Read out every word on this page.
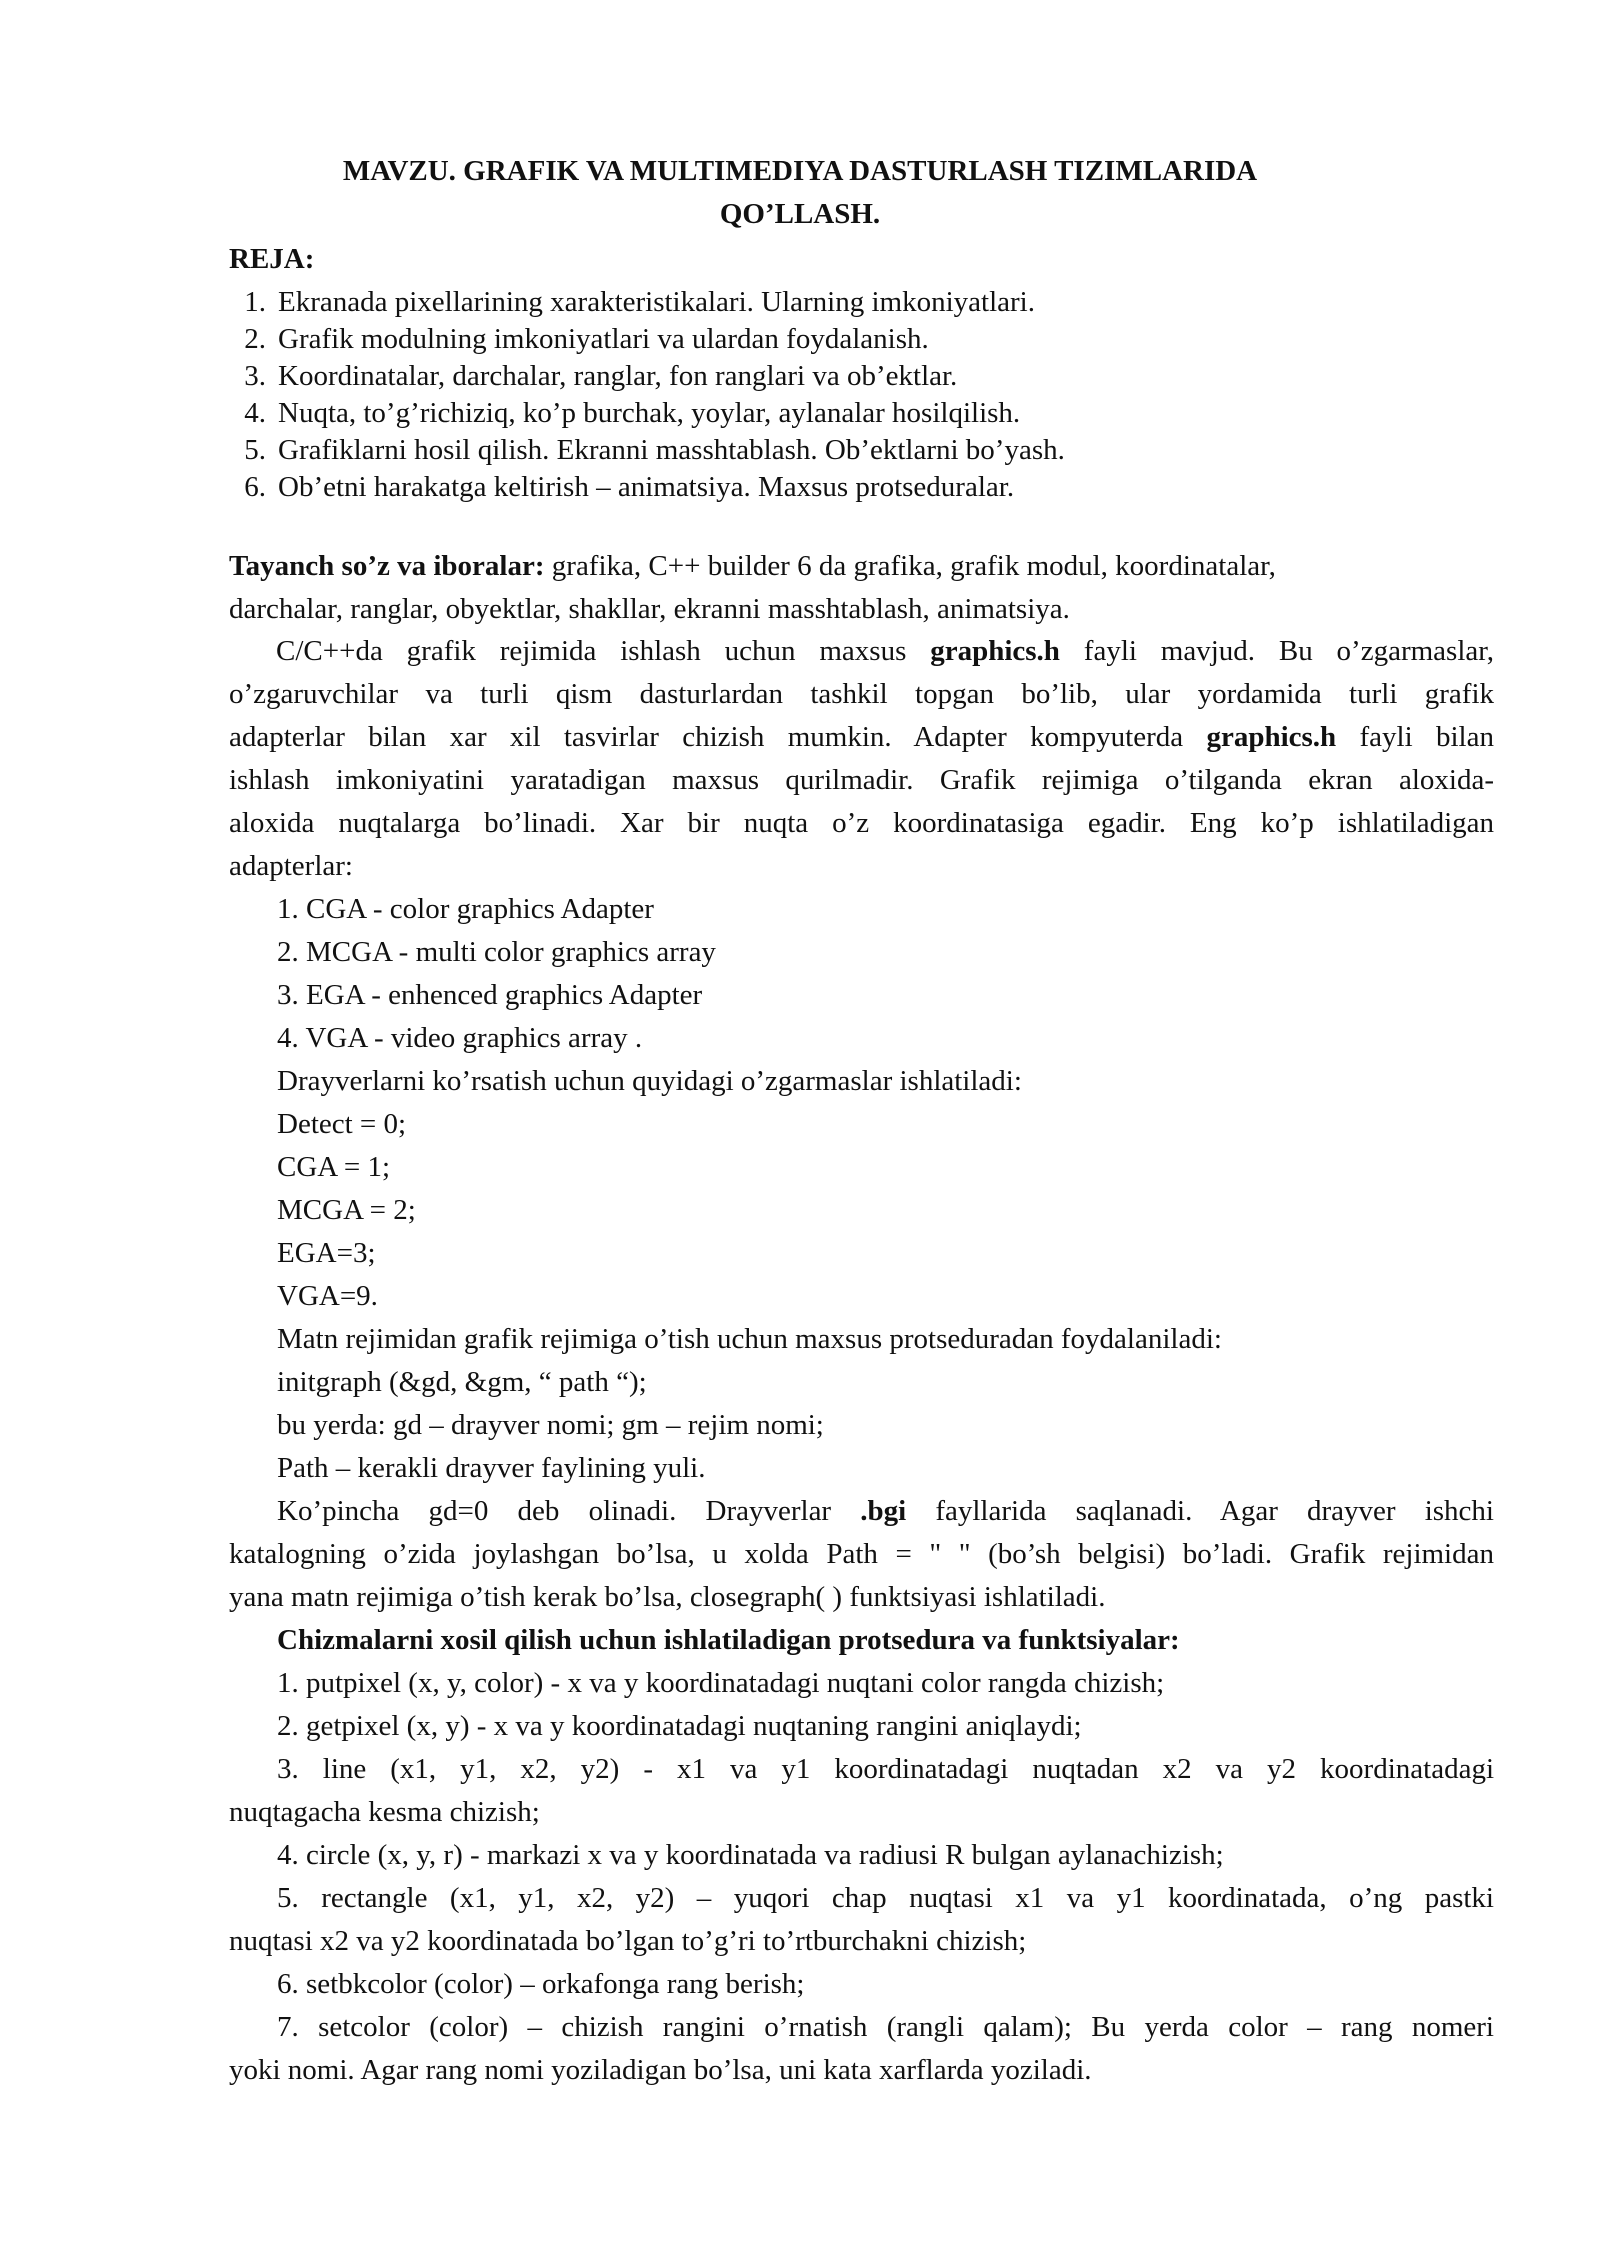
MAVZU. GRAFIK VA MULTIMEDIYA DASTURLASH TIZIMLARIDA
QO’LLASH.
REJA:
1. Ekranada pixellarining xarakteristikalari. Ularning imkoniyatlari.
2. Grafik modulning imkoniyatlari va ulardan foydalanish.
3. Koordinatalar, darchalar, ranglar, fon ranglari va ob’ektlar.
4. Nuqta, to’g’richiziq, ko’p burchak, yoylar, aylanalar hosilqilish.
5. Grafiklarni hosil qilish. Ekranni masshtablash. Ob’ektlarni bo’yash.
6. Ob’etni harakatga keltirish – animatsiya. Maxsus protseduralar.
Tayanch so’z va iboralar: grafika, C++ builder 6 da grafika, grafik modul, koordinatalar,
darchalar, ranglar, obyektlar, shakllar, ekranni masshtablash, animatsiya.
C/C++da grafik rejimida ishlash uchun maxsus graphics.h fayli mavjud. Bu o’zgarmaslar,
o’zgaruvchilar va turli qism dasturlardan tashkil topgan bo’lib, ular yordamida turli grafik
adapterlar bilan xar xil tasvirlar chizish mumkin. Adapter kompyuterda graphics.h fayli bilan
ishlash imkoniyatini yaratadigan maxsus qurilmadir. Grafik rejimiga o’tilganda ekran aloxida-
aloxida nuqtalarga bo’linadi. Xar bir nuqta o’z koordinatasiga egadir. Eng ko’p ishlatiladigan
adapterlar:
1. CGA - color graphics Adapter
2. MCGA - multi color graphics array
3. EGA - enhenced graphics Adapter
4. VGA - video graphics array .
Drayverlarni ko’rsatish uchun quyidagi o’zgarmaslar ishlatiladi:
Detect = 0;
CGA = 1;
MCGA = 2;
EGA=3;
VGA=9.
Matn rejimidan grafik rejimiga o’tish uchun maxsus protseduradan foydalaniladi:
initgraph (&gd, &gm, “ path “);
bu yerda: gd – drayver nomi; gm – rejim nomi;
Path – kerakli drayver faylining yuli.
Ko’pincha gd=0 deb olinadi. Drayverlar .bgi fayllarida saqlanadi. Agar drayver ishchi
katalogning o’zida joylashgan bo’lsa, u xolda Path = " " (bo’sh belgisi) bo’ladi. Grafik rejimidan
yana matn rejimiga o’tish kerak bo’lsa, closegraph( ) funktsiyasi ishlatiladi.
Chizmalarni xosil qilish uchun ishlatiladigan protsedura va funktsiyalar:
1. putpixel (x, y, color) - x va y koordinatadagi nuqtani color rangda chizish;
2. getpixel (x, y) - x va y koordinatadagi nuqtaning rangini aniqlaydi;
3. line (x1, y1, x2, y2) - x1 va y1 koordinatadagi nuqtadan x2 va y2 koordinatadagi
nuqtagacha kesma chizish;
4. circle (x, y, r) - markazi x va y koordinatada va radiusi R bulgan aylanachizish;
5. rectangle (x1, y1, x2, y2) – yuqori chap nuqtasi x1 va y1 koordinatada, o’ng pastki
nuqtasi x2 va y2 koordinatada bo’lgan to’g’ri to’rtburchakni chizish;
6. setbkcolor (color) – orkafonga rang berish;
7. setcolor (color) – chizish rangini o’rnatish (rangli qalam); Bu yerda color – rang nomeri
yoki nomi. Agar rang nomi yoziladigan bo’lsa, uni kata xarflarda yoziladi.
